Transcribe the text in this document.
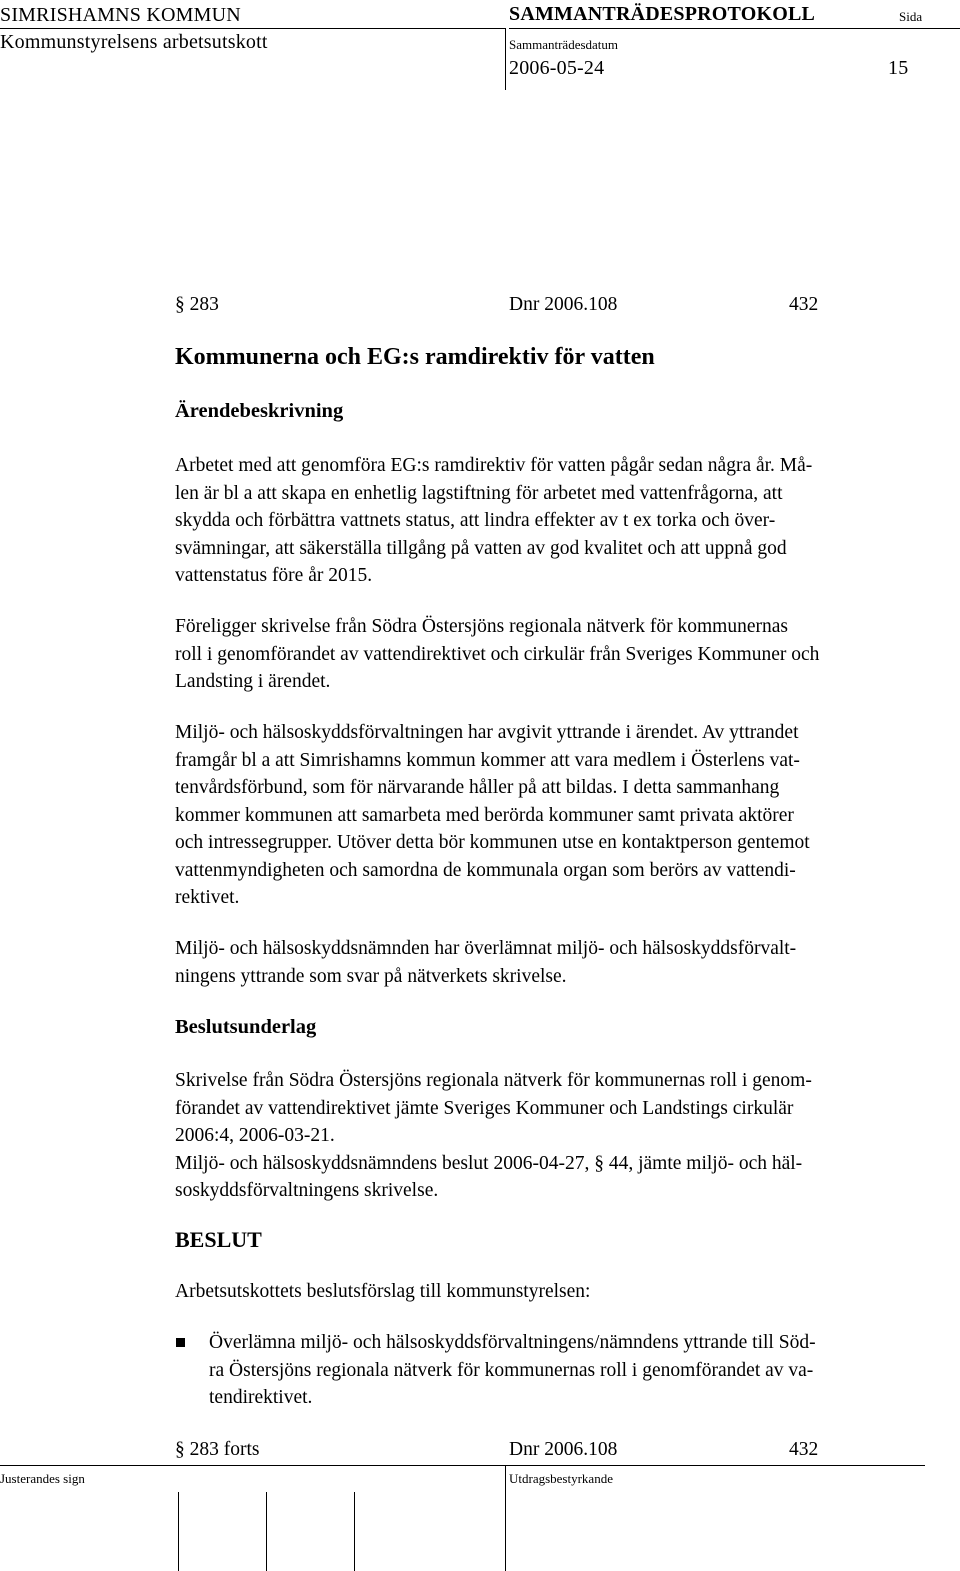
SIMRISHAMNS KOMMUN
Kommunstyrelsens arbetsutskott
SAMMANTRÄDESPROTOKOLL	Sida
Sammanträdesdatum
2006-05-24	15
§ 283	Dnr 2006.108	432
Kommunerna och EG:s ramdirektiv för vatten
Ärendebeskrivning
Arbetet med att genomföra EG:s ramdirektiv för vatten pågår sedan några år. Må-
len är bl a att skapa en enhetlig lagstiftning för arbetet med vattenfrågorna, att
skydda och förbättra vattnets status, att lindra effekter av t ex torka och över-
svämningar, att säkerställa tillgång på vatten av god kvalitet och att uppnå god
vattenstatus före år 2015.
Föreligger skrivelse från Södra Östersjöns regionala nätverk för kommunernas
roll i genomförandet av vattendirektivet och cirkulär från Sveriges Kommuner och
Landsting i ärendet.
Miljö- och hälsoskyddsförvaltningen har avgivit yttrande i ärendet. Av yttrandet
framgår bl a att Simrishamns kommun kommer att vara medlem i Österlens vat-
tenvårdsförbund, som för närvarande håller på att bildas. I detta sammanhang
kommer kommunen att samarbeta med berörda kommuner samt privata aktörer
och intressegrupper. Utöver detta bör kommunen utse en kontaktperson gentemot
vattenmyndigheten och samordna de kommunala organ som berörs av vattendi-
rektivet.
Miljö- och hälsoskyddsnämnden har överlämnat miljö- och hälsoskyddsförvalt-
ningens yttrande som svar på nätverkets skrivelse.
Beslutsunderlag
Skrivelse från Södra Östersjöns regionala nätverk för kommunernas roll i genom-
förandet av vattendirektivet jämte Sveriges Kommuner och Landstings cirkulär
2006:4, 2006-03-21.
Miljö- och hälsoskyddsnämndens beslut 2006-04-27, § 44, jämte miljö- och häl-
soskyddsförvaltningens skrivelse.
BESLUT
Arbetsutskottets beslutsförslag till kommunstyrelsen:
Överlämna miljö- och hälsoskyddsförvaltningens/nämndens yttrande till Söd-
ra Östersjöns regionala nätverk för kommunernas roll i genomförandet av va-
tendirektivet.
§ 283 forts	Dnr 2006.108	432
Justerandes sign	Utdragsbestyrkande
